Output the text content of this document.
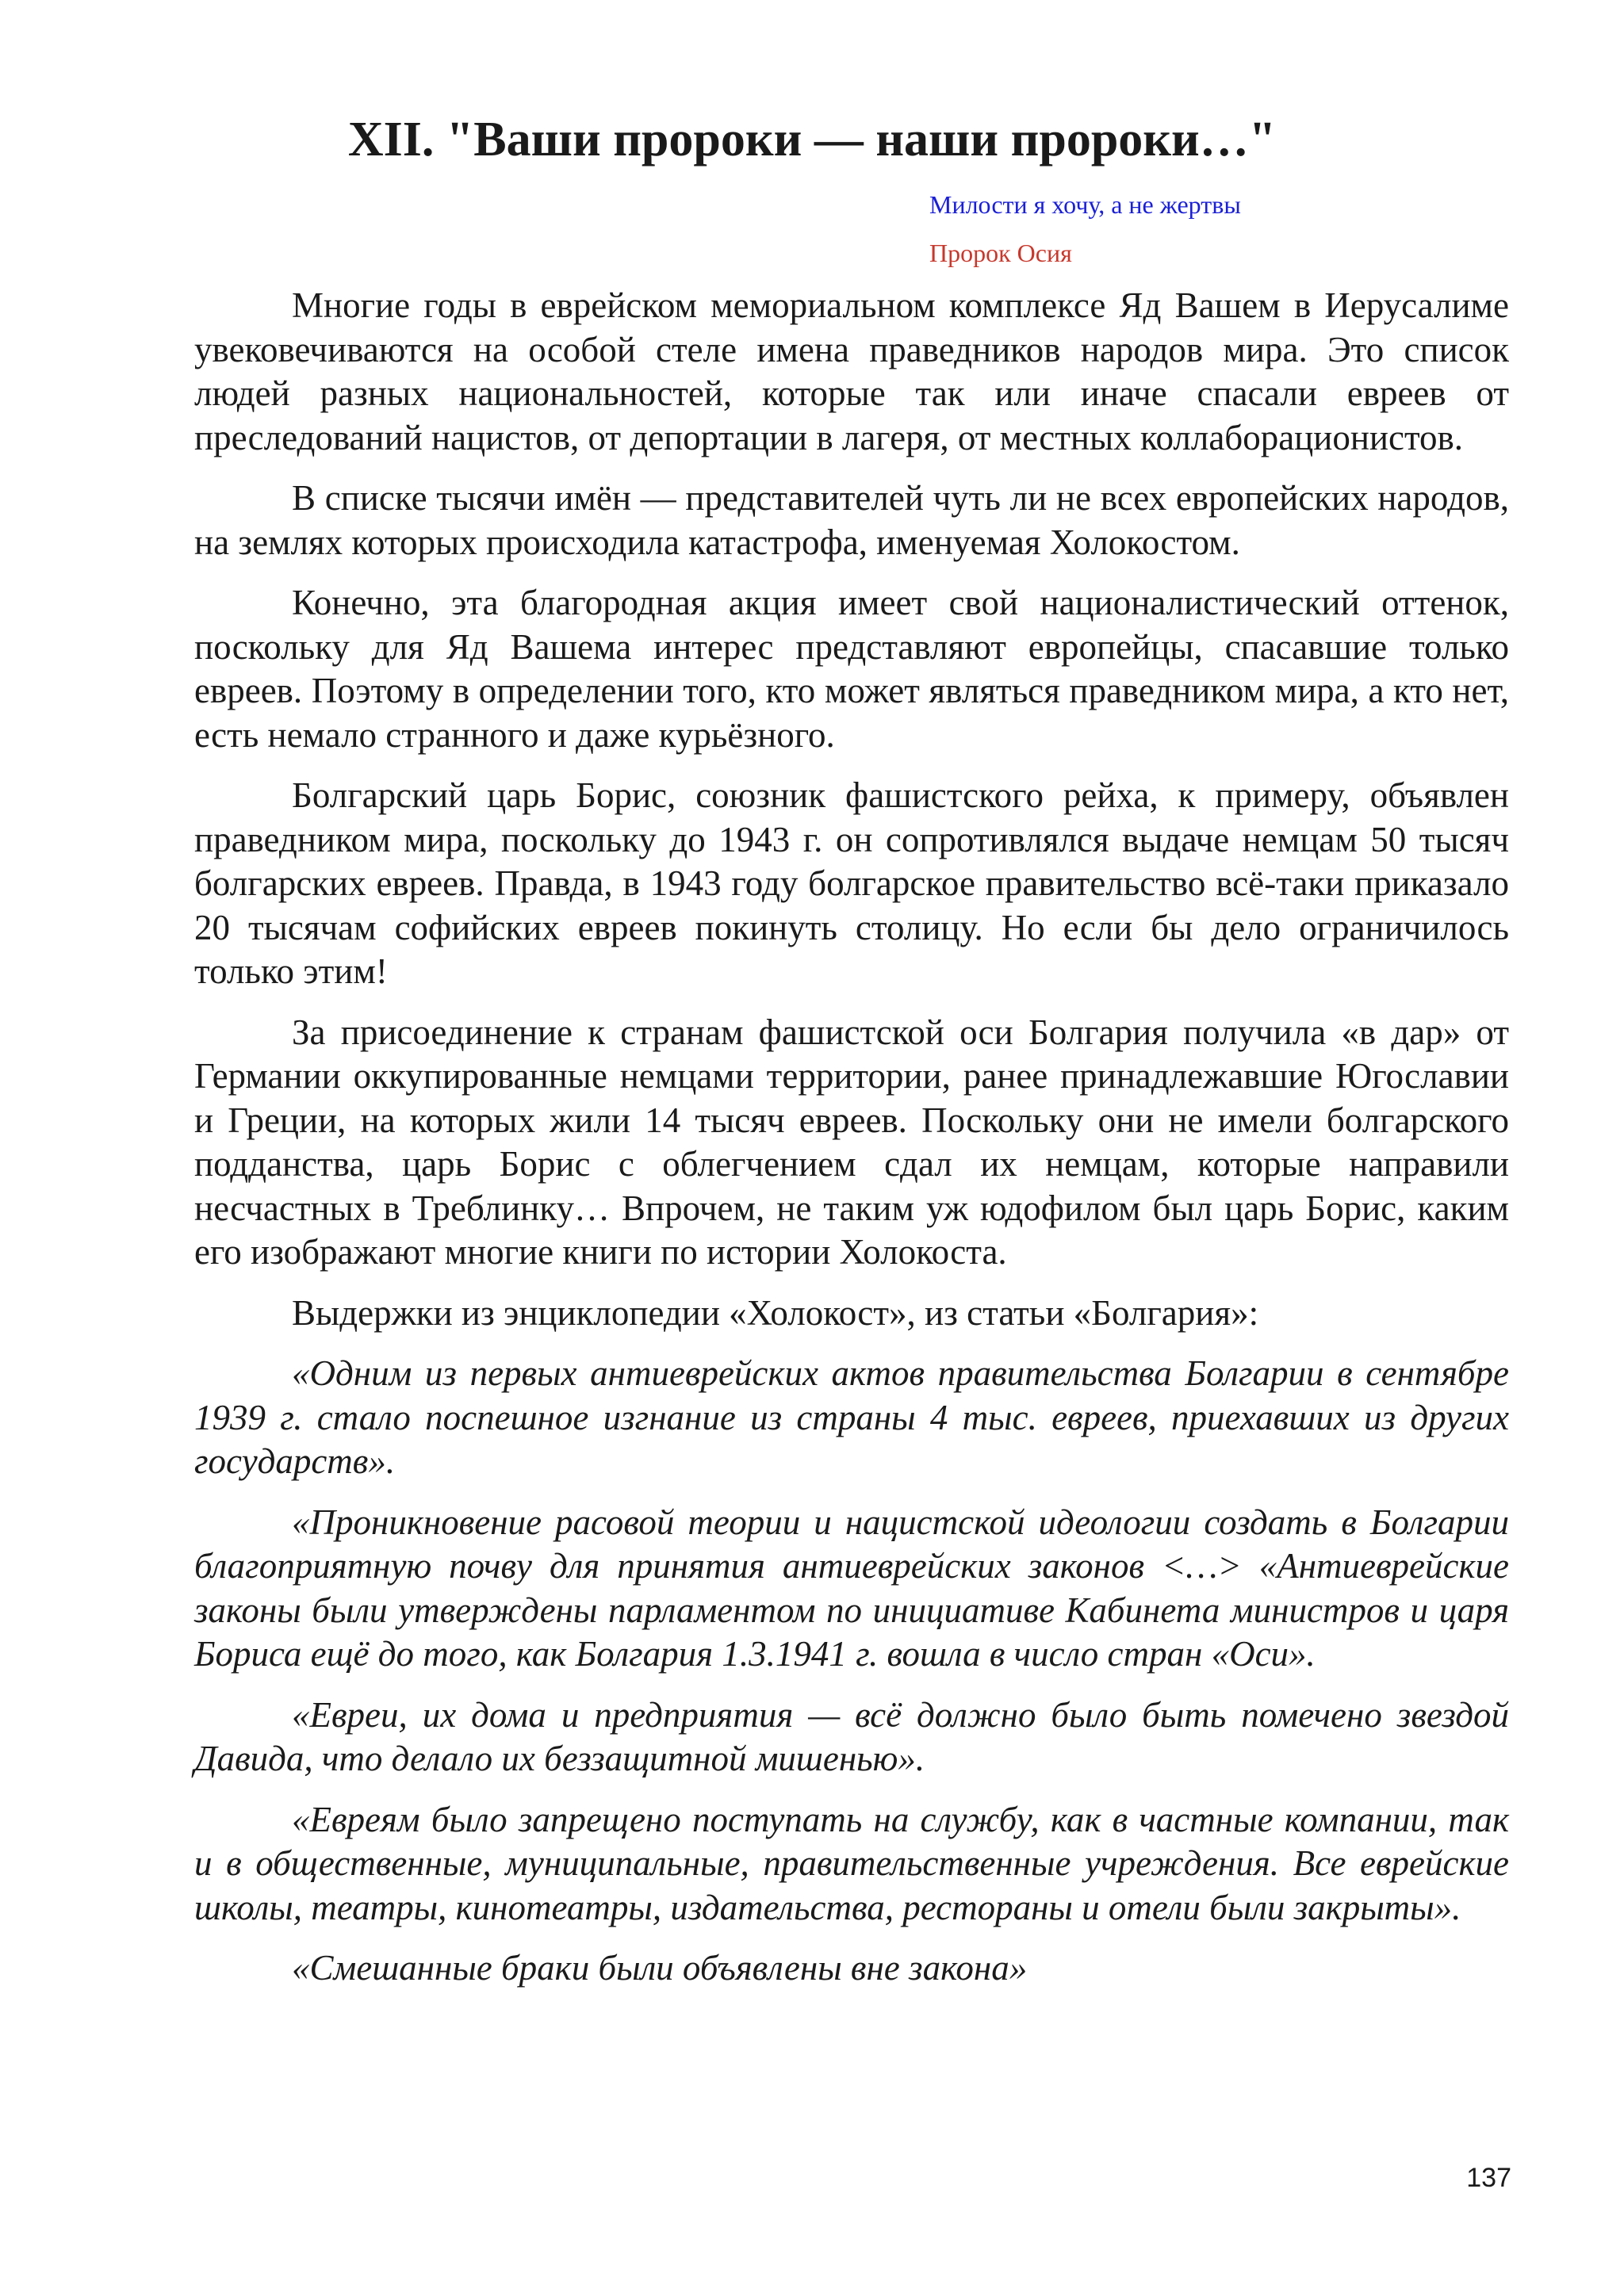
XII. "Ваши пророки — наши пророки…"

Милости я хочу, а не жертвы

Пророк Осия

Многие годы в еврейском мемориальном комплексе Яд Вашем в Иерусалиме увековечиваются на особой стеле имена праведников народов мира. Это список людей разных национальностей, которые так или иначе спасали евреев от преследований нацистов, от депортации в лагеря, от местных коллаборационистов.

В списке тысячи имён — представителей чуть ли не всех европейских народов, на землях которых происходила катастрофа, именуемая Холокостом.

Конечно, эта благородная акция имеет свой националистический оттенок, поскольку для Яд Вашема интерес представляют европейцы, спасавшие только евреев. Поэтому в определении того, кто может являться праведником мира, а кто нет, есть немало странного и даже курьёзного.

Болгарский царь Борис, союзник фашистского рейха, к примеру, объявлен праведником мира, поскольку до 1943 г. он сопротивлялся выдаче немцам 50 тысяч болгарских евреев. Правда, в 1943 году болгарское правительство всё-таки приказало 20 тысячам софийских евреев покинуть столицу. Но если бы дело ограничилось только этим!

За присоединение к странам фашистской оси Болгария получила «в дар» от Германии оккупированные немцами территории, ранее принадлежавшие Югославии и Греции, на которых жили 14 тысяч евреев. Поскольку они не имели болгарского подданства, царь Борис с облегчением сдал их немцам, которые направили несчастных в Треблинку… Впрочем, не таким уж юдофилом был царь Борис, каким его изображают многие книги по истории Холокоста.

Выдержки из энциклопедии «Холокост», из статьи «Болгария»:

«Одним из первых антиеврейских актов правительства Болгарии в сентябре 1939 г. стало поспешное изгнание из страны 4 тыс. евреев, приехавших из других государств».

«Проникновение расовой теории и нацистской идеологии создать в Болгарии благоприятную почву для принятия антиеврейских законов <…> «Антиеврейские законы были утверждены парламентом по инициативе Кабинета министров и царя Бориса ещё до того, как Болгария 1.3.1941 г. вошла в число стран «Оси».

«Евреи, их дома и предприятия — всё должно было быть помечено звездой Давида, что делало их беззащитной мишенью».

«Евреям было запрещено поступать на службу, как в частные компании, так и в общественные, муниципальные, правительственные учреждения. Все еврейские школы, театры, кинотеатры, издательства, рестораны и отели были закрыты».

«Смешанные браки были объявлены вне закона»

137
